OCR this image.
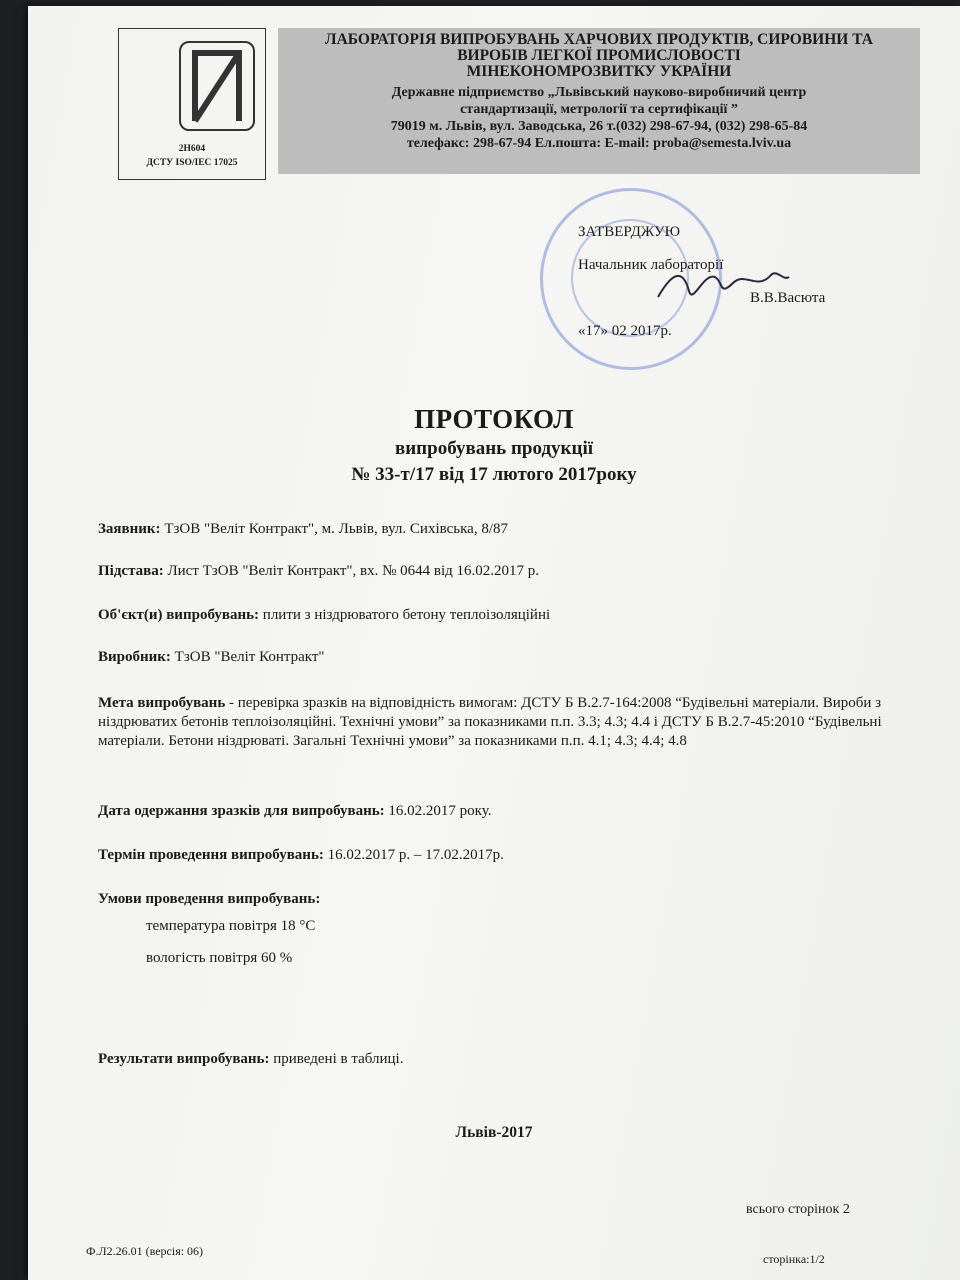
2Н604
ДСТУ ISO/IEC 17025
ЛАБОРАТОРІЯ ВИПРОБУВАНЬ ХАРЧОВИХ ПРОДУКТІВ, СИРОВИНИ ТА
ВИРОБІВ ЛЕГКОЇ ПРОМИСЛОВОСТІ
МІНЕКОНОМРОЗВИТКУ УКРАЇНИ
Державне підприємство „Львівський науково-виробничий центр
стандартизації, метрології та сертифікації ”
79019 м. Львів, вул. Заводська, 26 т.(032) 298-67-94, (032) 298-65-84
телефакс: 298-67-94 Ел.пошта: E-mail: proba@semesta.lviv.ua
ЗАТВЕРДЖУЮ
Начальник лабораторії
В.В.Васюта
«17» 02 2017р.
ПРОТОКОЛ
випробувань продукції
№ 33-т/17 від 17 лютого 2017року
Заявник: ТзОВ "Веліт Контракт", м. Львів, вул. Сихівська, 8/87
Підстава: Лист ТзОВ "Веліт Контракт", вх. № 0644 від 16.02.2017 р.
Об'єкт(и) випробувань: плити з ніздрюватого бетону теплоізоляційні
Виробник: ТзОВ "Веліт Контракт"
Мета випробувань - перевірка зразків на відповідність вимогам: ДСТУ Б В.2.7-164:2008 “Будівельні матеріали. Вироби з ніздрюватих бетонів теплоізоляційні. Технічні умови” за показниками п.п. 3.3; 4.3; 4.4 і ДСТУ Б В.2.7-45:2010 “Будівельні матеріали. Бетони ніздрюваті. Загальні Технічні умови” за показниками п.п. 4.1; 4.3; 4.4; 4.8
Дата одержання зразків для випробувань: 16.02.2017 року.
Термін проведення випробувань: 16.02.2017 р. – 17.02.2017р.
Умови проведення випробувань:
температура повітря 18 °С
вологість повітря 60 %
Результати випробувань: приведені в таблиці.
Львів-2017
всього сторінок 2
Ф.Л2.26.01 (версія: 06)
сторінка:1/2
